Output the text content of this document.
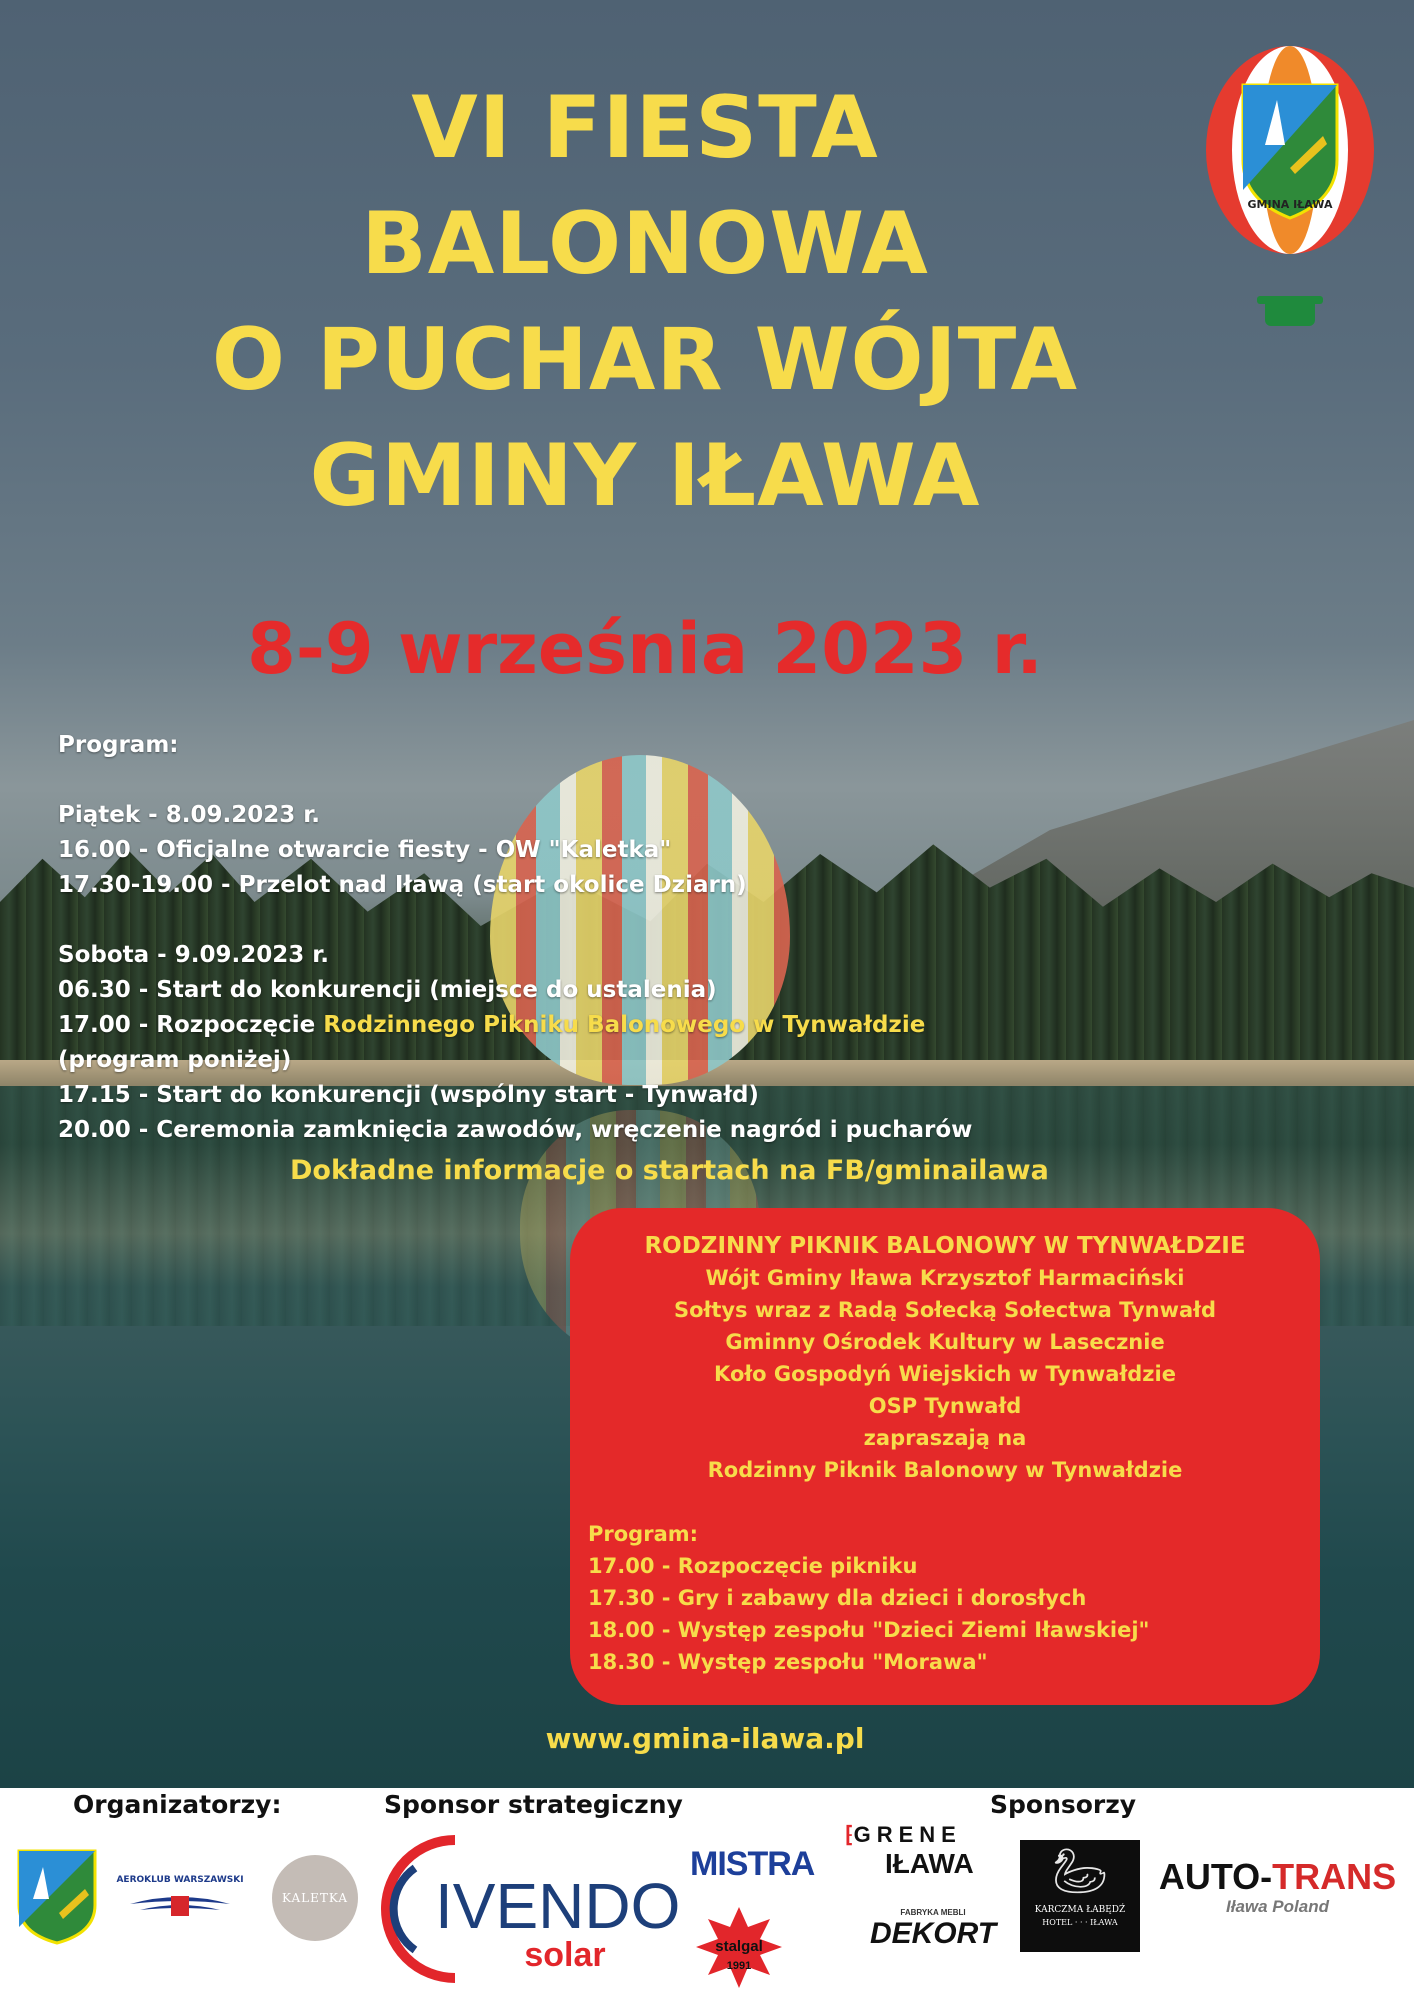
VI FIESTA
BALONOWA
O PUCHAR WÓJTA
GMINY IŁAWA
8-9 września 2023 r.
GMINA IŁAWA
Program:
Piątek - 8.09.2023 r.
16.00 - Oficjalne otwarcie fiesty - OW "Kaletka"
17.30-19.00 - Przelot nad Iławą (start okolice Dziarn)
Sobota - 9.09.2023 r.
06.30 - Start do konkurencji (miejsce do ustalenia)
17.00 - Rozpoczęcie Rodzinnego Pikniku Balonowego w Tynwałdzie
(program poniżej)
17.15 - Start do konkurencji (wspólny start - Tynwałd)
20.00 - Ceremonia zamknięcia zawodów, wręczenie nagród i pucharów
Dokładne informacje o startach na FB/gminailawa
RODZINNY PIKNIK BALONOWY W TYNWAŁDZIE
Wójt Gminy Iława Krzysztof Harmaciński
Sołtys wraz z Radą Sołecką Sołectwa Tynwałd
Gminny Ośrodek Kultury w Lasecznie
Koło Gospodyń Wiejskich w Tynwałdzie
OSP Tynwałd
zapraszają na
Rodzinny Piknik Balonowy w Tynwałdzie
Program:
17.00 - Rozpoczęcie pikniku
17.30 - Gry i zabawy dla dzieci i dorosłych
18.00 - Występ zespołu "Dzieci Ziemi Iławskiej"
18.30 - Występ zespołu "Morawa"
www.gmina-ilawa.pl
Organizatorzy:	Sponsor strategiczny	Sponsorzy
AEROKLUB WARSZAWSKI
KALETKA IVENDO
solar
MISTRA
stalgal
1991
⁅GRENE
IŁAWA
FABRYKA MEBLI
DEKORT
🦢︎
KARCZMA ŁABĘDŹ
HOTEL · · · IŁAWA
AUTO-TRANS
Iława Poland
